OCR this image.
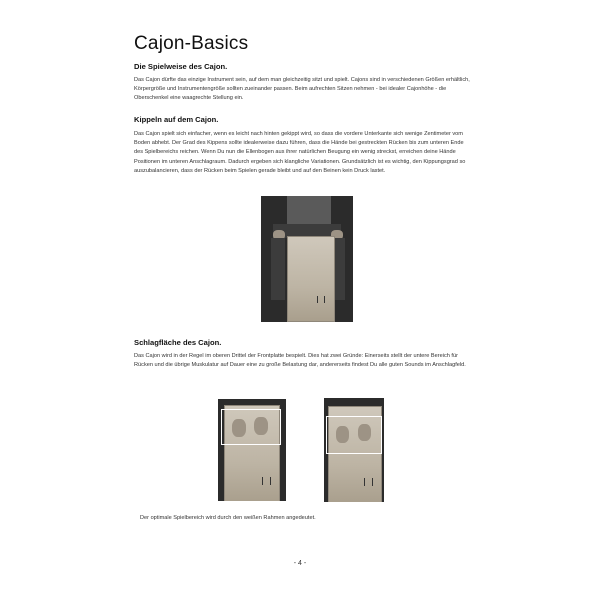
Cajon-Basics
Die Spielweise des Cajon.

Das Cajon dürfte das einzige Instrument sein, auf dem man gleichzeitig sitzt und spielt. Cajons sind in verschiedenen Größen erhältlich, Körpergröße und Instrumentengröße sollten zueinander passen. Beim aufrechten Sitzen nehmen - bei idealer Cajonhöhe - die Oberschenkel eine waagrechte Stellung ein.

Kippeln auf dem Cajon.

Das Cajon spielt sich einfacher, wenn es leicht nach hinten gekippt wird, so dass die vordere Unterkante sich wenige Zentimeter vom Boden abhebt. Der Grad des Kippens sollte idealerweise dazu führen, dass die Hände bei gestreckten Rücken bis zum unteren Ende des Spielbereichs reichen. Wenn Du nun die Ellenbogen aus ihrer natürlichen Beugung ein wenig streckst, erreichen deine Hände Positionen im unteren Anschlagraum. Dadurch ergeben sich klangliche Variationen. Grundsätzlich ist es wichtig, den Kippungsgrad so auszubalancieren, dass der Rücken beim Spielen gerade bleibt und auf den Beinen kein Druck lastet.

Schlagfläche des Cajon.

Das Cajon wird in der Regel im oberen Drittel der Frontplatte bespielt. Dies hat zwei Gründe: Einerseits stellt der untere Bereich für Rücken und die übrige Muskulatur auf Dauer eine zu große Belastung dar, andererseits findest Du alle guten Sounds im Anschlagfeld.

Der optimale Spielbereich wird durch den weißen Rahmen angedeutet.
- 4 -
